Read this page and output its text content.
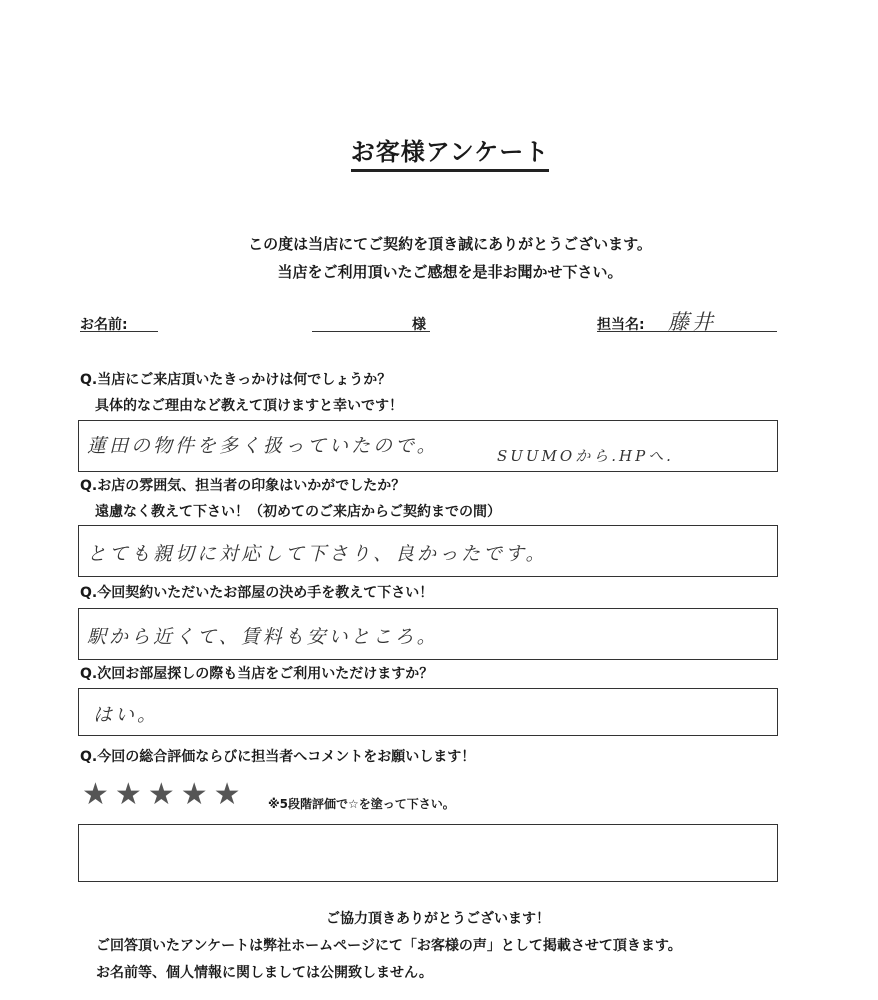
お客様アンケート
この度は当店にてご契約を頂き誠にありがとうございます。
当店をご利用頂いたご感想を是非お聞かせ下さい。
お名前:	様	担当名: 藤井
Q.当店にご来店頂いたきっかけは何でしょうか？
具体的なご理由など教えて頂けますと幸いです！
蓮田の物件を多く扱っていたので。	SUUMOから.HPへ.
Q.お店の雰囲気、担当者の印象はいかがでしたか？
遠慮なく教えて下さい！（初めてのご来店からご契約までの間）
とても親切に対応して下さり、良かったです。
Q.今回契約いただいたお部屋の決め手を教えて下さい！
駅から近くて、賃料も安いところ。
Q.次回お部屋探しの際も当店をご利用いただけますか？
はい。
Q.今回の総合評価ならびに担当者へコメントをお願いします！
★ ★ ★ ★ ★ ※5段階評価で☆を塗って下さい。
ご協力頂きありがとうございます！
ご回答頂いたアンケートは弊社ホームページにて「お客様の声」として掲載させて頂きます。
お名前等、個人情報に関しましては公開致しません。
